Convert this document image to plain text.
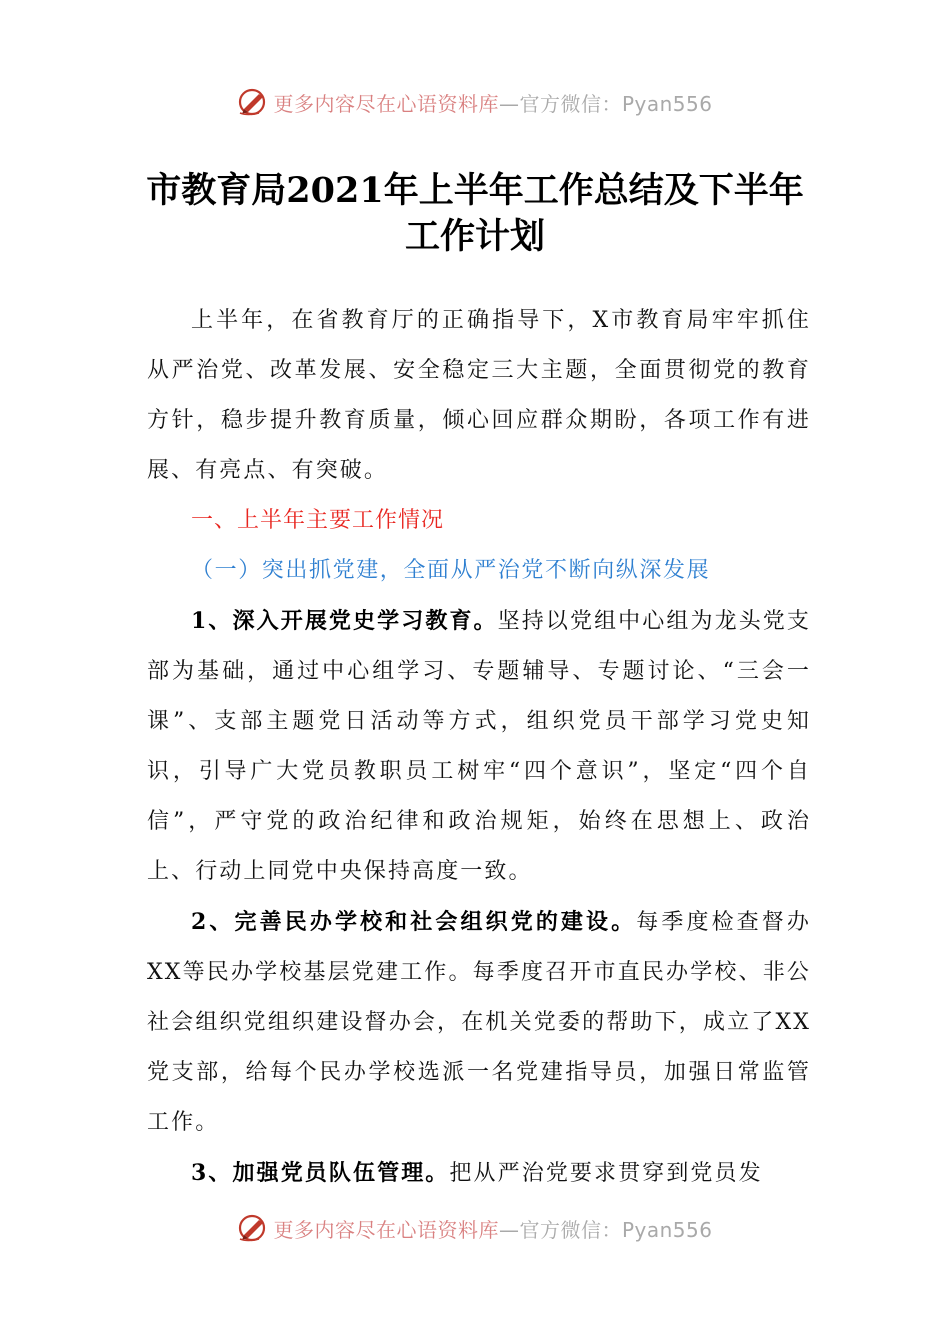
更多内容尽在心语资料库—官方微信：Pyan556
市教育局2021年上半年工作总结及下半年
工作计划

上半年，在省教育厅的正确指导下，X市教育局牢牢抓住从严治党、改革发展、安全稳定三大主题，全面贯彻党的教育方针，稳步提升教育质量，倾心回应群众期盼，各项工作有进展、有亮点、有突破。

一、上半年主要工作情况

（一）突出抓党建，全面从严治党不断向纵深发展

1、深入开展党史学习教育。坚持以党组中心组为龙头党支部为基础，通过中心组学习、专题辅导、专题讨论、“三会一课”、支部主题党日活动等方式，组织党员干部学习党史知识，引导广大党员教职员工树牢“四个意识”，坚定“四个自信”，严守党的政治纪律和政治规矩，始终在思想上、政治上、行动上同党中央保持高度一致。

2、完善民办学校和社会组织党的建设。每季度检查督办XX等民办学校基层党建工作。每季度召开市直民办学校、非公社会组织党组织建设督办会，在机关党委的帮助下，成立了XX党支部，给每个民办学校选派一名党建指导员，加强日常监管工作。

3、加强党员队伍管理。把从严治党要求贯穿到党员发

更多内容尽在心语资料库—官方微信：Pyan556
